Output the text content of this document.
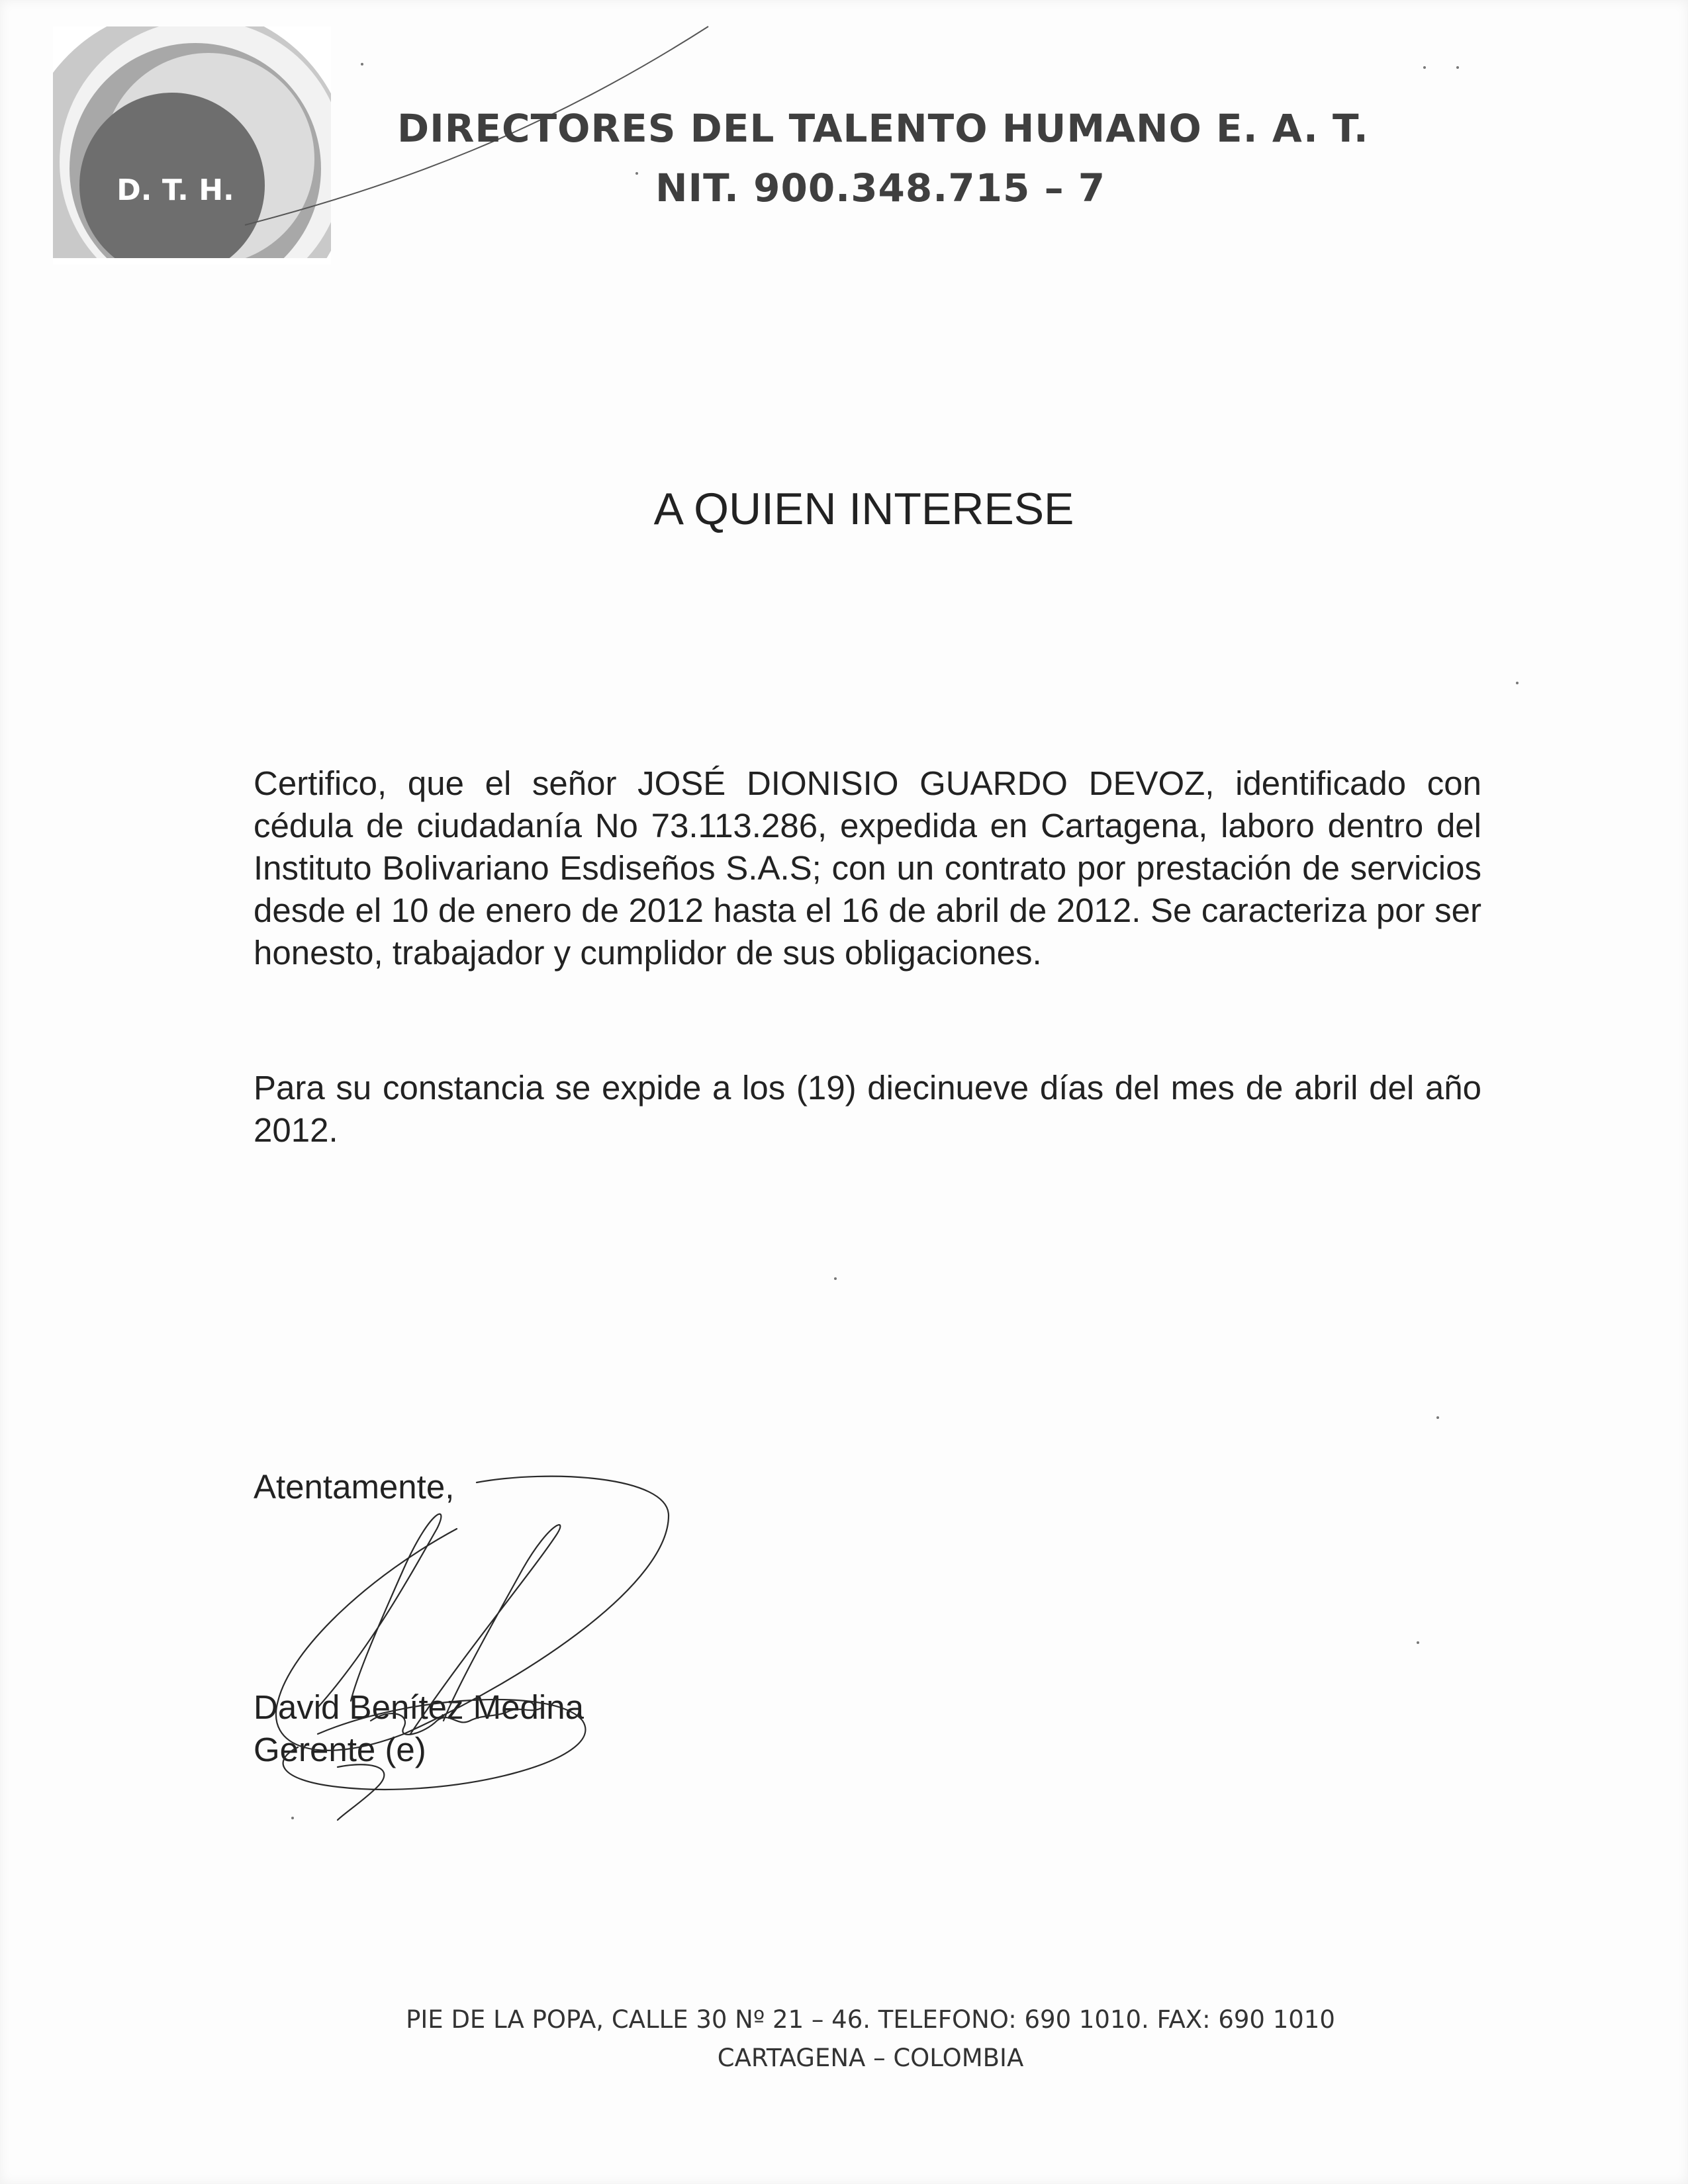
D. T. H.
DIRECTORES DEL TALENTO HUMANO E. A. T.
NIT. 900.348.715 – 7
A QUIEN INTERESE
Certifico, que el señor JOSÉ DIONISIO GUARDO DEVOZ, identificado con cédula de ciudadanía No 73.113.286, expedida en Cartagena, laboro dentro del Instituto Bolivariano Esdiseños S.A.S; con un contrato por prestación de servicios desde el 10 de enero de 2012 hasta el 16 de abril de 2012. Se caracteriza por ser honesto, trabajador y cumplidor de sus obligaciones.
Para su constancia se expide a los (19) diecinueve días del mes de abril del año 2012.
Atentamente,
David Benítez Medina
Gerente (e)
PIE DE LA POPA, CALLE 30 Nº 21 – 46. TELEFONO: 690 1010. FAX: 690 1010
CARTAGENA – COLOMBIA
